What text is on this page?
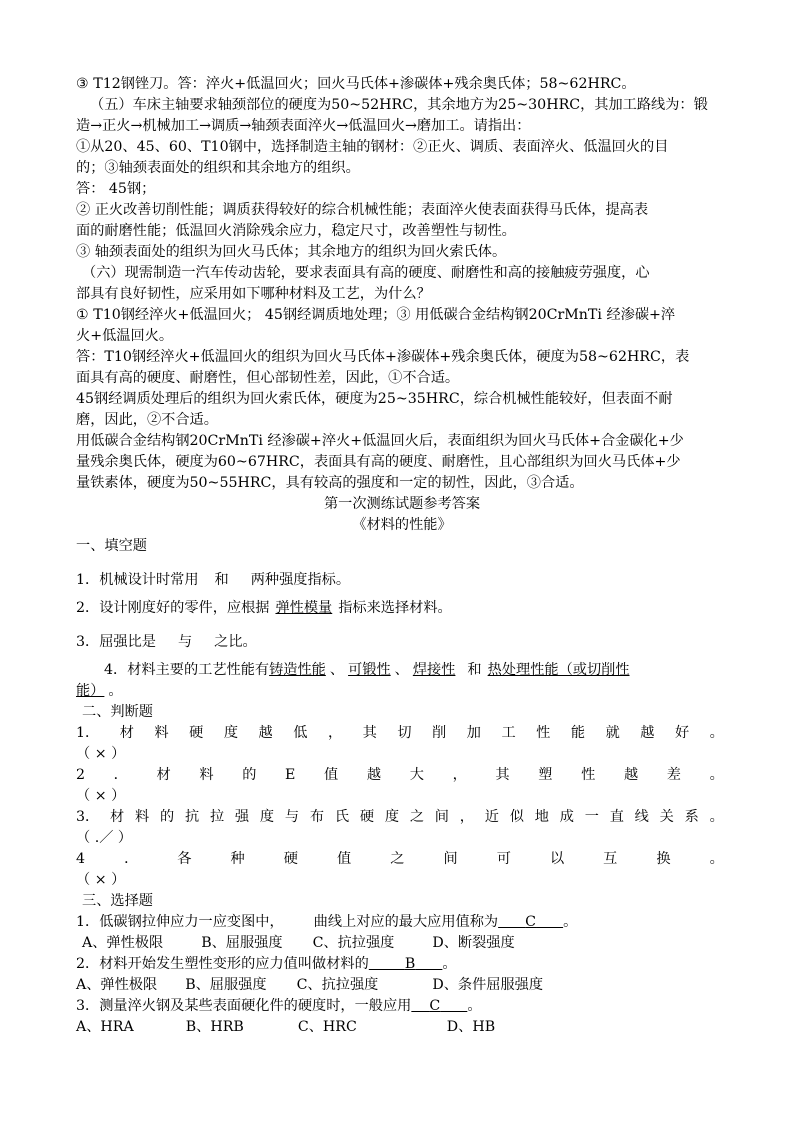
③ T12钢锉刀。答：淬火+低温回火；回火马氏体+渗碳体+残余奥氏体；58~62HRC。
（五）车床主轴要求轴颈部位的硬度为50~52HRC，其余地方为25~30HRC，其加工路线为：锻
造→正火→机械加工→调质→轴颈表面淬火→低温回火→磨加工。请指出：
①从20、45、60、T10钢中，选择制造主轴的钢材：②正火、调质、表面淬火、低温回火的目
的；③轴颈表面处的组织和其余地方的组织。
答： 45钢；
② 正火改善切削性能；调质获得较好的综合机械性能；表面淬火使表面获得马氏体，提高表
面的耐磨性能；低温回火消除残余应力，稳定尺寸，改善塑性与韧性。
③ 轴颈表面处的组织为回火马氏体；其余地方的组织为回火索氏体。
（六）现需制造一汽车传动齿轮，要求表面具有高的硬度、耐磨性和高的接触疲劳强度，心
部具有良好韧性，应采用如下哪种材料及工艺，为什么？
① T10钢经淬火+低温回火； 45钢经调质地处理；③ 用低碳合金结构钢20CrMnTi 经渗碳+淬
火+低温回火。
答：T10钢经淬火+低温回火的组织为回火马氏体+渗碳体+残余奥氏体，硬度为58~62HRC，表
面具有高的硬度、耐磨性，但心部韧性差，因此，①不合适。
45钢经调质处理后的组织为回火索氏体，硬度为25~35HRC，综合机械性能较好，但表面不耐
磨，因此，②不合适。
用低碳合金结构钢20CrMnTi 经渗碳+淬火+低温回火后，表面组织为回火马氏体+合金碳化+少
量残余奥氏体，硬度为60~67HRC，表面具有高的硬度、耐磨性，且心部组织为回火马氏体+少
量铁素体，硬度为50~55HRC，具有较高的强度和一定的韧性，因此，③合适。
第一次测练试题参考答案
《材料的性能》
一、填空题
1．机械设计时常用 和 两种强度指标。
2．设计刚度好的零件，应根据 弹性模量 指标来选择材料。
3．屈强比是 与 之比。
4．材料主要的工艺性能有铸造性能 、 可锻性 、 焊接性 和 热处理性能（或切削性
能） 。
二、判断题
1． 材 料 硬 度 越 低 ， 其 切 削 加 工 性 能 就 越 好 。
（ × ）
2 ． 材 料 的 E 值 越 大 ， 其 塑 性 越 差 。
（ × ）
3． 材 料 的 抗 拉 强 度 与 布 氏 硬 度 之 间 ， 近 似 地 成 一 直 线 关 系 。
（ .／ ）
4	．	各	种	硬	值	之	间	可	以	互	换	。
（ × ）
三、选择题
1．低碳钢拉伸应力一应变图中， 曲线上对应的最大应用值称为 C 。
A、弹性极限	B、屈服强度 C、抗拉强度	D、断裂强度
2．材料开始发生塑性变形的应力值叫做材料的	B 。
A、弹性极限 B、屈服强度 C、抗拉强度	D、条件屈服强度
3．测量淬火钢及某些表面硬化件的硬度时，一般应用 C 。
A、HRA	B、HRB	C、HRC	D、HB
